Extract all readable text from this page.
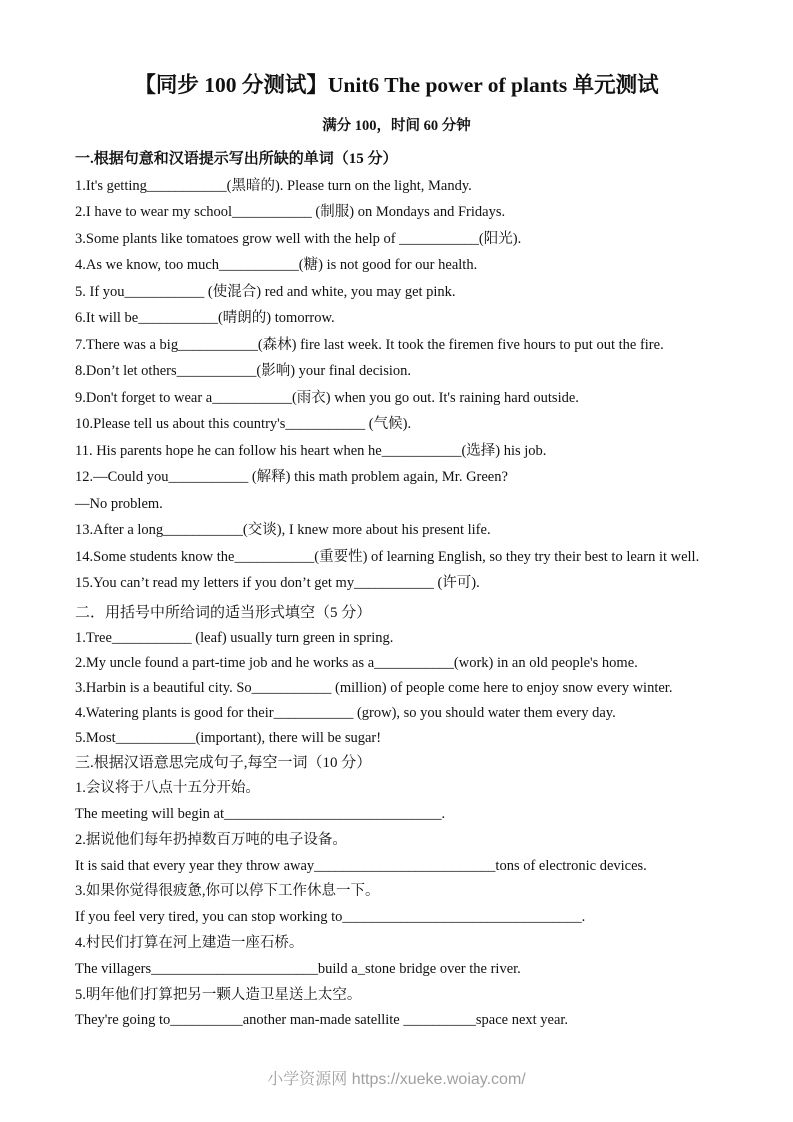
【同步 100 分测试】Unit6 The power of plants 单元测试
满分 100，时间 60 分钟
一.根据句意和汉语提示写出所缺的单词（15 分）
1.It's getting___________(黑暗的). Please turn on the light, Mandy.
2.I have to wear my school___________ (制服) on Mondays and Fridays.
3.Some plants like tomatoes grow well with the help of ___________(阳光).
4.As we know, too much___________(糖) is not good for our health.
5. If you___________ (使混合) red and white, you may get pink.
6.It will be___________(晴朗的) tomorrow.
7.There was a big___________(森林) fire last week. It took the firemen five hours to put out the fire.
8.Don’t let others___________(影响) your final decision.
9.Don't forget to wear a___________(雨衣) when you go out. It's raining hard outside.
10.Please tell us about this country's___________ (气候).
11. His parents hope he can follow his heart when he___________(选择) his job.
12.—Could you___________ (解释) this math problem again, Mr. Green?
—No problem.
13.After a long___________(交谈), I knew more about his present life.
14.Some students know the___________(重要性) of learning English, so they try their best to learn it well.
15.You can’t read my letters if you don’t get my___________ (许可).
二．用括号中所给词的适当形式填空（5 分）
1.Tree___________ (leaf) usually turn green in spring.
2.My uncle found a part-time job and he works as a___________(work) in an old people's home.
3.Harbin is a beautiful city. So___________ (million) of people come here to enjoy snow every winter.
4.Watering plants is good for their___________ (grow), so you should water them every day.
5.Most___________(important), there will be sugar!
三.根据汉语意思完成句子,每空一词（10 分）
1.会议将于八点十五分开始。
The meeting will begin at______________________________.
2.据说他们每年扔掉数百万吨的电子设备。
It is said that every year they throw away_________________________tons of electronic devices.
3.如果你觉得很疲惫,你可以停下工作休息一下。
If you feel very tired, you can stop working to_________________________________.
4.村民们打算在河上建造一座石桥。
The villagers_______________________build a_stone bridge over the river.
5.明年他们打算把另一颗人造卫星送上太空。
They're going to__________another man-made satellite __________space next year.
小学资源网 https://xueke.woiay.com/
